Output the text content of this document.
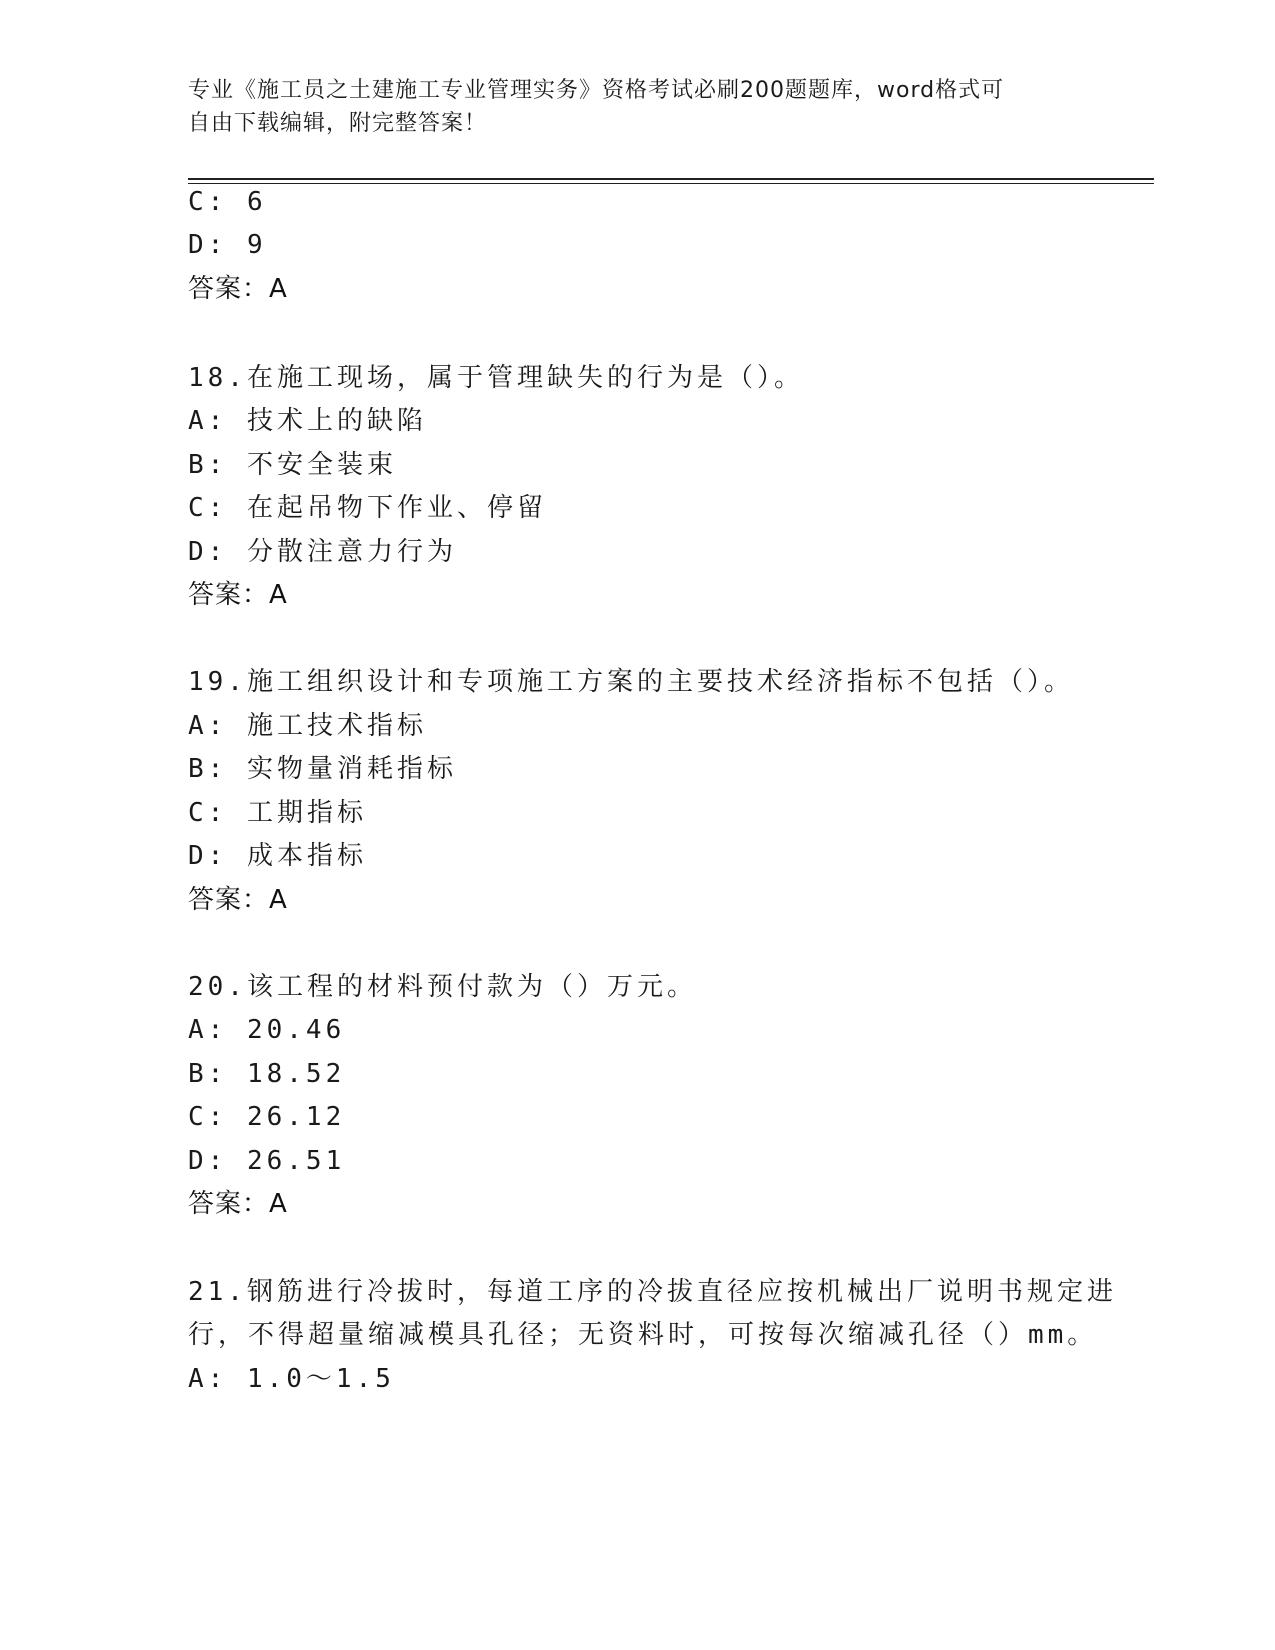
专业《施工员之土建施工专业管理实务》资格考试必刷200题题库，word格式可
自由下载编辑，附完整答案！
C: 6
D: 9
答案：A
18.在施工现场，属于管理缺失的行为是（）。
A: 技术上的缺陷
B: 不安全装束
C: 在起吊物下作业、停留
D: 分散注意力行为
答案：A
19.施工组织设计和专项施工方案的主要技术经济指标不包括（）。
A: 施工技术指标
B: 实物量消耗指标
C: 工期指标
D: 成本指标
答案：A
20.该工程的材料预付款为（）万元。
A: 20.46
B: 18.52
C: 26.12
D: 26.51
答案：A
21.钢筋进行冷拔时，每道工序的冷拔直径应按机械出厂说明书规定进
行，不得超量缩减模具孔径；无资料时，可按每次缩减孔径（）mm。
A: 1.0～1.5
